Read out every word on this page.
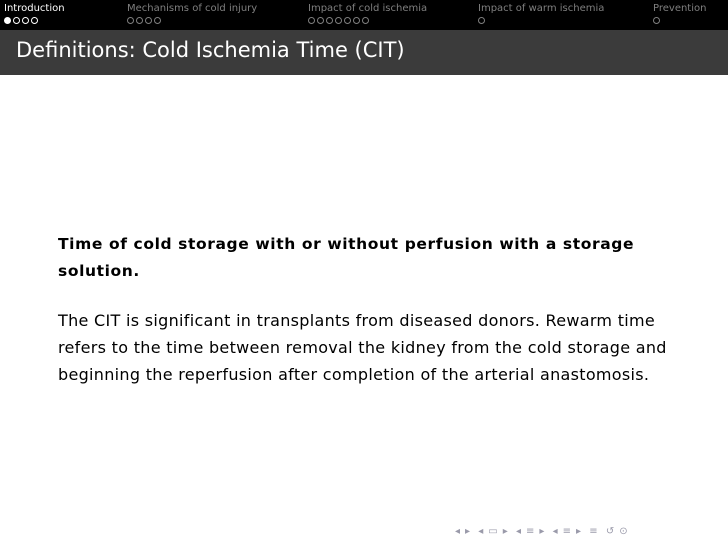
Introduction	Mechanisms of cold injury	Impact of cold ischemia	Impact of warm ischemia	Prevention
Definitions: Cold Ischemia Time (CIT)

Time of cold storage with or without perfusion with a storage solution.

The CIT is significant in transplants from diseased donors. Rewarm time refers to the time between removal the kidney from the cold storage and beginning the reperfusion after completion of the arterial anastomosis.

◂ ▸ ◂ ▭ ▸ ◂ ≡ ▸ ◂ ≡ ▸ ≡ ↺ ⊙
